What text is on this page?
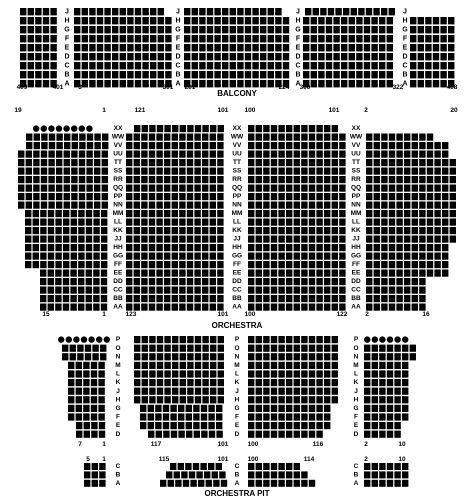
J
H
G
F
E
D
C
B
A
J
H
G
F
E
D
C
B
A
J
H
G
F
E
D
C
B
A
J
H
G
F
E
D
C
B
A
XX
WW
VV
UU
TT
SS
RR
QQ
PP
NN
MM
LL
KK
JJ
HH
GG
FF
EE
DD
CC
BB
AA
XX
WW
VV
UU
TT
SS
RR
QQ
PP
NN
MM
LL
KK
JJ
HH
GG
FF
EE
DD
CC
BB
AA
XX
WW
VV
UU
TT
SS
RR
QQ
PP
NN
MM
LL
KK
JJ
HH
GG
FF
EE
DD
CC
BB
AA
P
O
N
M
L
K
J
H
G
F
E
D
P
O
N
M
L
K
J
H
G
F
E
D
P
O
N
M
L
K
J
H
G
F
E
D
C
B
A
C
B
A
C
B
A
BALCONY
ORCHESTRA
ORCHESTRA PIT
409	401 3	301 201	224 300	322	408
19	1	121	101 100	101	2	20
15	1	123	101 100	122	2	16
7	1	117	101	100	116	2	10
5 1	115	101	100	114	2	10
